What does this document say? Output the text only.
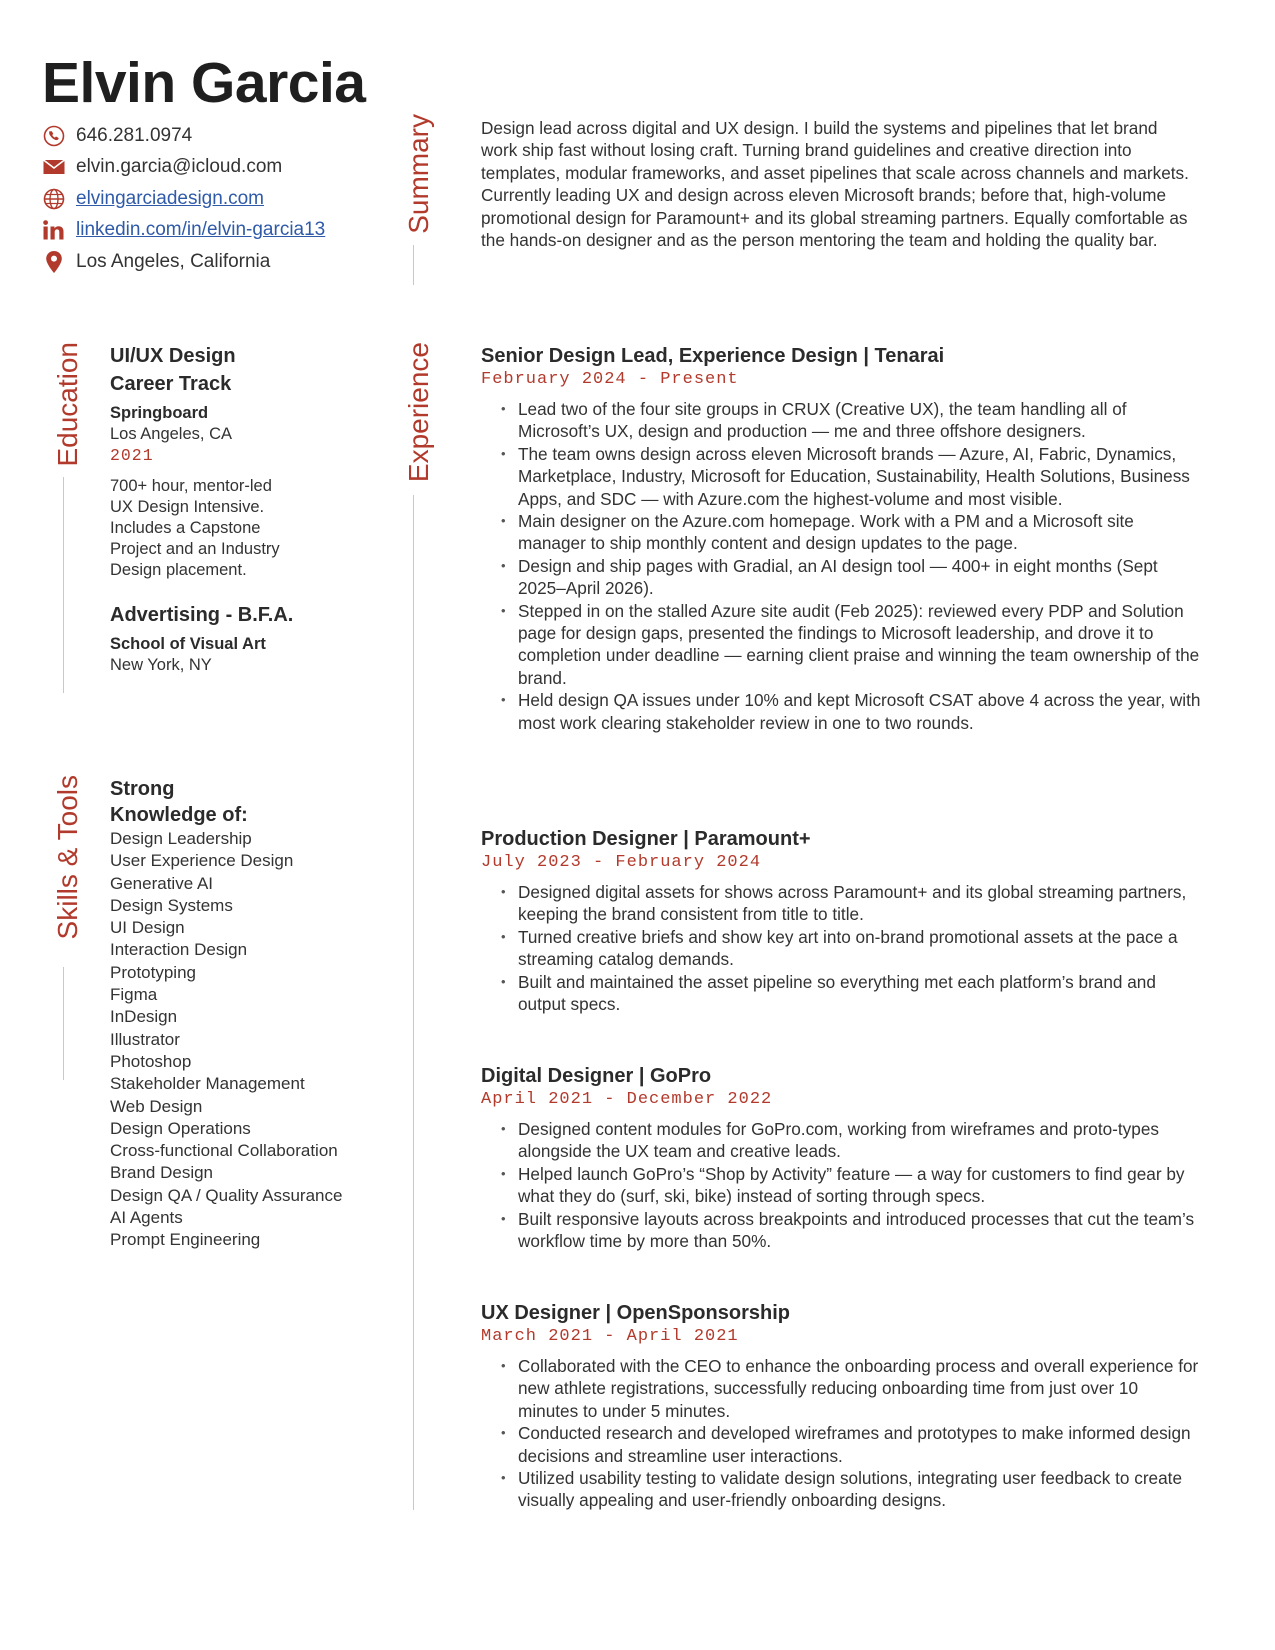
Elvin Garcia
646.281.0974
elvin.garcia@icloud.com
elvingarciadesign.com
linkedin.com/in/elvin-garcia13
Los Angeles, California
Summary	Design lead across digital and UX design. I build the systems and pipelines that let brand work ship fast without losing craft. Turning brand guidelines and creative direction into templates, modular frameworks, and asset pipelines that scale across channels and markets. Currently leading UX and design across eleven Microsoft brands; before that, high-volume promotional design for Paramount+ and its global streaming partners. Equally comfortable as the hands-on designer and as the person mentoring the team and holding the quality bar.
Education UI/UX Design
Career Track
Springboard
Los Angeles, CA
2021
700+ hour, mentor-led
UX Design Intensive.
Includes a Capstone
Project and an Industry
Design placement.
Advertising - B.F.A.
School of Visual Art
New York, NY
Skills & Tools Strong
Knowledge of:
Design Leadership
User Experience Design
Generative AI
Design Systems
UI Design
Interaction Design
Prototyping
Figma
InDesign
Illustrator
Photoshop
Stakeholder Management
Web Design
Design Operations
Cross-functional Collaboration
Brand Design
Design QA / Quality Assurance
AI Agents
Prompt Engineering
Experience Senior Design Lead, Experience Design | Tenarai
February 2024 - Present
• Lead two of the four site groups in CRUX (Creative UX), the team handling all of Microsoft’s UX, design and production — me and three offshore designers.
• The team owns design across eleven Microsoft brands — Azure, AI, Fabric, Dynamics, Marketplace, Industry, Microsoft for Education, Sustainability, Health Solutions, Business Apps, and SDC — with Azure.com the highest-volume and most visible.
• Main designer on the Azure.com homepage. Work with a PM and a Microsoft site manager to ship monthly content and design updates to the page.
• Design and ship pages with Gradial, an AI design tool — 400+ in eight months (Sept 2025–April 2026).
• Stepped in on the stalled Azure site audit (Feb 2025): reviewed every PDP and Solution page for design gaps, presented the findings to Microsoft leadership, and drove it to completion under deadline — earning client praise and winning the team ownership of the brand.
• Held design QA issues under 10% and kept Microsoft CSAT above 4 across the year, with most work clearing stakeholder review in one to two rounds.
Production Designer | Paramount+
July 2023 - February 2024
• Designed digital assets for shows across Paramount+ and its global streaming partners, keeping the brand consistent from title to title.
• Turned creative briefs and show key art into on-brand promotional assets at the pace a streaming catalog demands.
• Built and maintained the asset pipeline so everything met each platform’s brand and output specs.
Digital Designer | GoPro
April 2021 - December 2022
• Designed content modules for GoPro.com, working from wireframes and proto-types alongside the UX team and creative leads.
• Helped launch GoPro’s “Shop by Activity” feature — a way for customers to find gear by what they do (surf, ski, bike) instead of sorting through specs.
• Built responsive layouts across breakpoints and introduced processes that cut the team’s workflow time by more than 50%.
UX Designer | OpenSponsorship
March 2021 - April 2021
• Collaborated with the CEO to enhance the onboarding process and overall experience for new athlete registrations, successfully reducing onboarding time from just over 10 minutes to under 5 minutes.
• Conducted research and developed wireframes and prototypes to make informed design decisions and streamline user interactions.
• Utilized usability testing to validate design solutions, integrating user feedback to create visually appealing and user-friendly onboarding designs.
